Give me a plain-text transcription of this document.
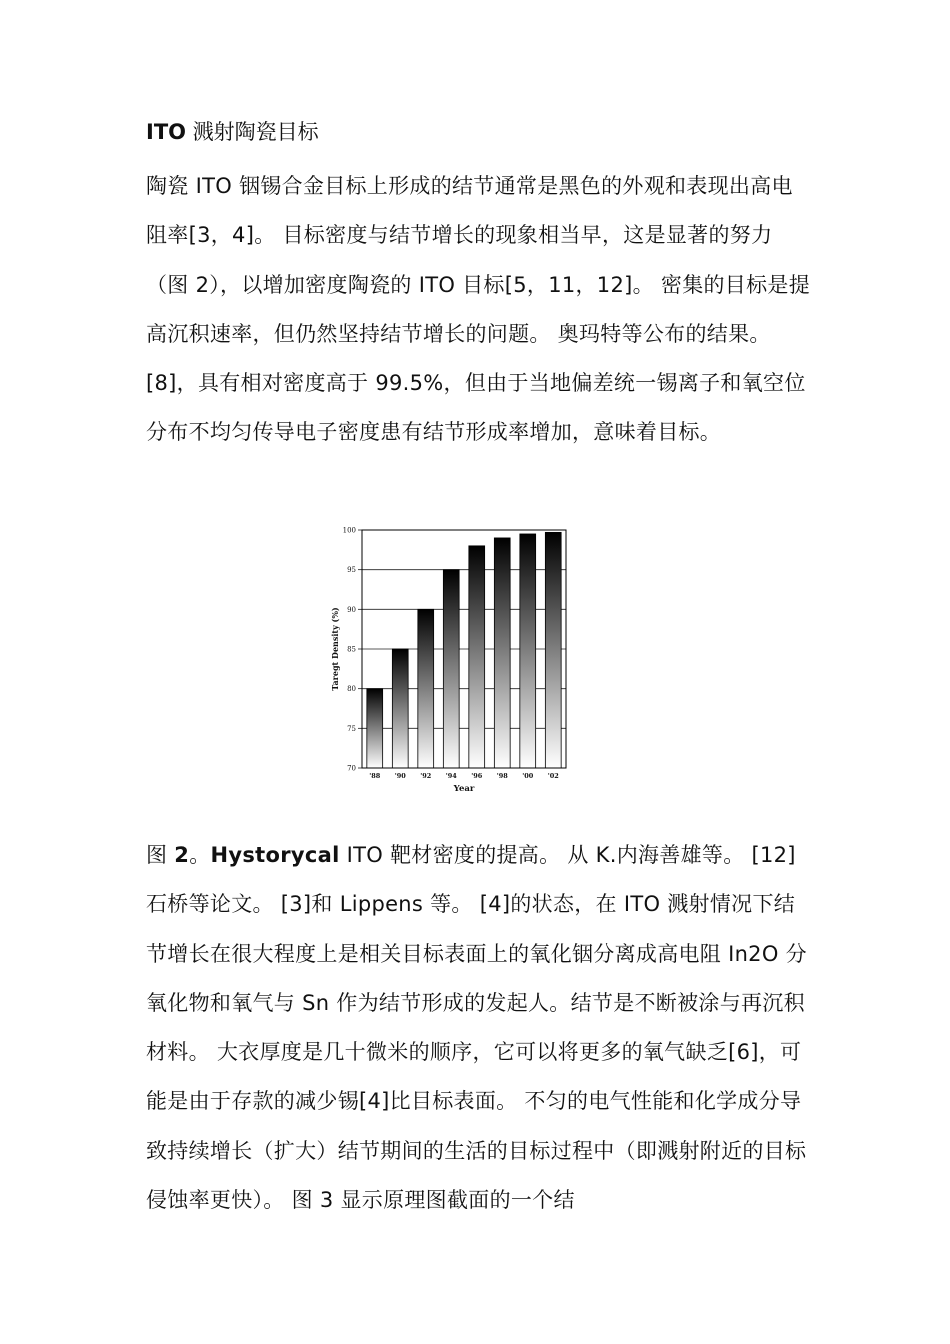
ITO 溅射陶瓷目标

陶瓷 ITO 铟锡合金目标上形成的结节通常是黑色的外观和表现出高电阻率[3，4]。 目标密度与结节增长的现象相当早，这是显著的努力（图 2），以增加密度陶瓷的 ITO 目标[5，11，12]。 密集的目标是提高沉积速率，但仍然坚持结节增长的问题。 奥玛特等公布的结果。 [8]，具有相对密度高于 99.5%，但由于当地偏差统一锡离子和氧空位分布不均匀传导电子密度患有结节形成率增加，意味着目标。

70
75
80
85
90
95
100
'88 '90 '92 '94 '96 '98 '00 '02
Year
Taregt Density (%)

图 2。Hystorycal ITO 靶材密度的提高。 从 K.内海善雄等。 [12] 石桥等论文。 [3]和 Lippens 等。 [4]的状态，在 ITO 溅射情况下结节增长在很大程度上是相关目标表面上的氧化铟分离成高电阻 In2O 分氧化物和氧气与 Sn 作为结节形成的发起人。结节是不断被涂与再沉积材料。 大衣厚度是几十微米的顺序，它可以将更多的氧气缺乏[6]，可能是由于存款的减少锡[4]比目标表面。 不匀的电气性能和化学成分导致持续增长（扩大）结节期间的生活的目标过程中（即溅射附近的目标侵蚀率更快）。 图 3 显示原理图截面的一个结
